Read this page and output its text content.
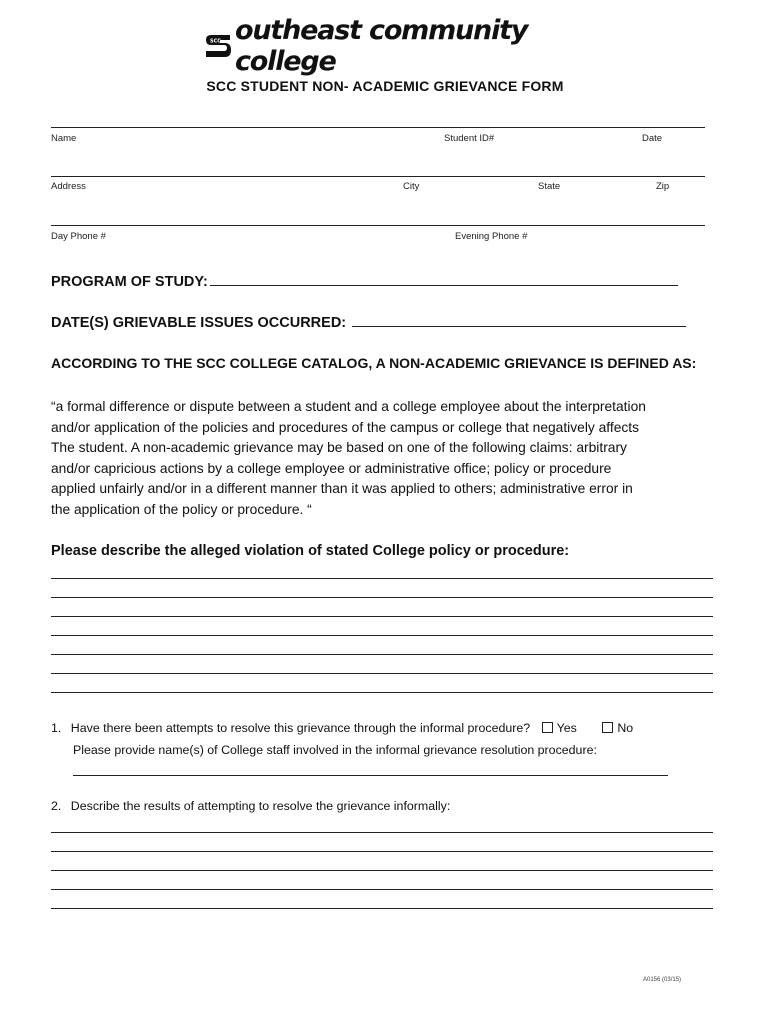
SCC outheast community college
SCC STUDENT NON- ACADEMIC GRIEVANCE FORM
Name	Student ID#	Date
Address	City	State	Zip
Day Phone #	Evening Phone #
PROGRAM OF STUDY:
DATE(S) GRIEVABLE ISSUES OCCURRED:
ACCORDING TO THE SCC COLLEGE CATALOG, A NON-ACADEMIC GRIEVANCE IS DEFINED AS:
“a formal difference or dispute between a student and a college employee about the interpretation
and/or application of the policies and procedures of the campus or college that negatively affects
The student. A non-academic grievance may be based on one of the following claims: arbitrary
and/or capricious actions by a college employee or administrative office; policy or procedure
applied unfairly and/or in a different manner than it was applied to others; administrative error in
the application of the policy or procedure. “
Please describe the alleged violation of stated College policy or procedure:
1. Have there been attempts to resolve this grievance through the informal procedure? Yes	No
Please provide name(s) of College staff involved in the informal grievance resolution procedure:
2. Describe the results of attempting to resolve the grievance informally:
A0156 (03/15)
